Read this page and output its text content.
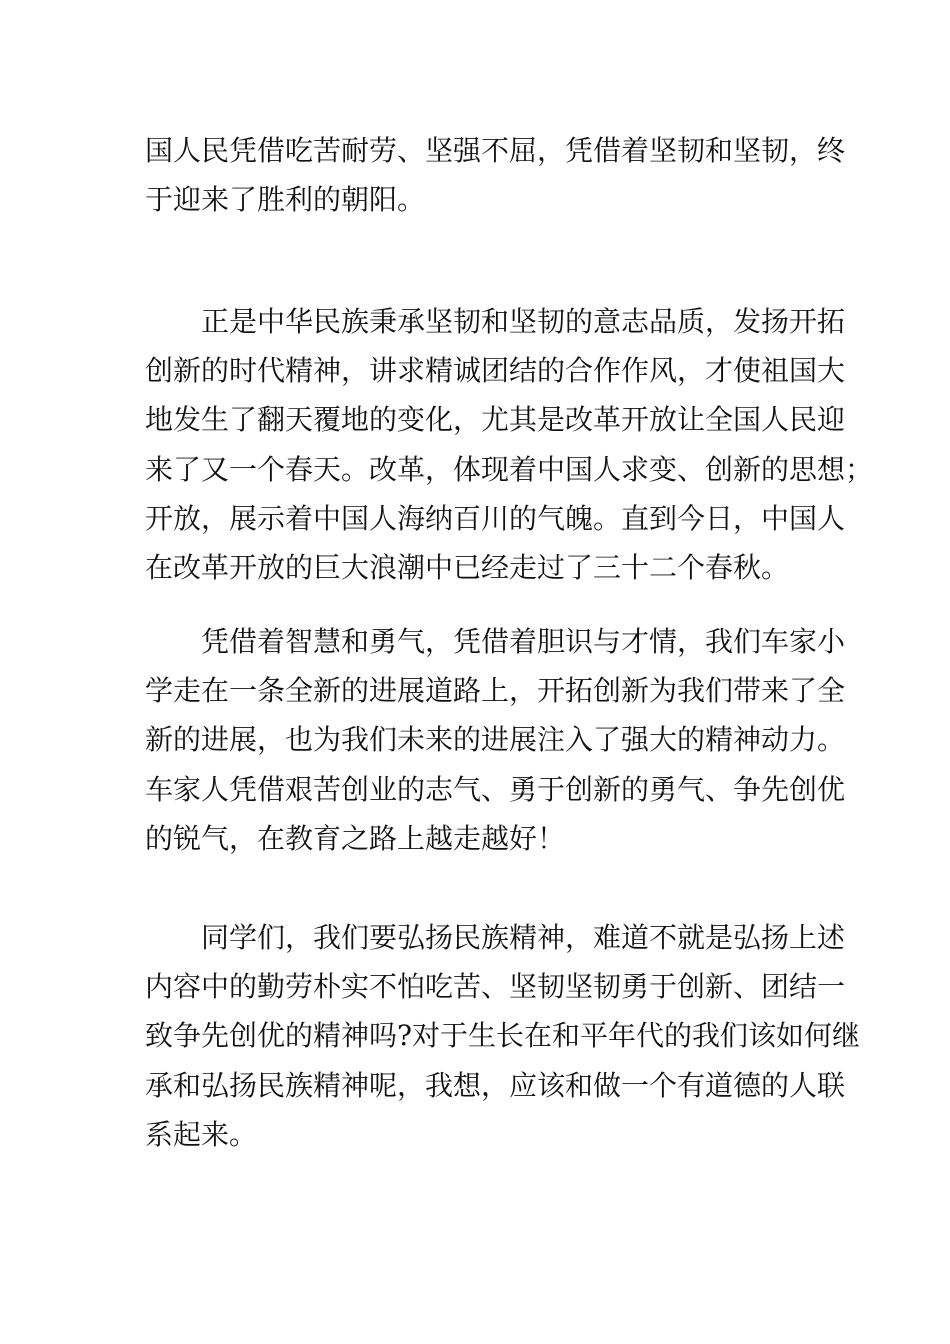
国人民凭借吃苦耐劳、坚强不屈，凭借着坚韧和坚韧，终
于迎来了胜利的朝阳。
正是中华民族秉承坚韧和坚韧的意志品质，发扬开拓
创新的时代精神，讲求精诚团结的合作作风，才使祖国大
地发生了翻天覆地的变化，尤其是改革开放让全国人民迎
来了又一个春天。改革，体现着中国人求变、创新的思想；
开放，展示着中国人海纳百川的气魄。直到今日，中国人
在改革开放的巨大浪潮中已经走过了三十二个春秋。
凭借着智慧和勇气，凭借着胆识与才情，我们车家小
学走在一条全新的进展道路上，开拓创新为我们带来了全
新的进展，也为我们未来的进展注入了强大的精神动力。
车家人凭借艰苦创业的志气、勇于创新的勇气、争先创优
的锐气，在教育之路上越走越好！
同学们，我们要弘扬民族精神，难道不就是弘扬上述
内容中的勤劳朴实不怕吃苦、坚韧坚韧勇于创新、团结一
致争先创优的精神吗?对于生长在和平年代的我们该如何继
承和弘扬民族精神呢，我想，应该和做一个有道德的人联
系起来。
